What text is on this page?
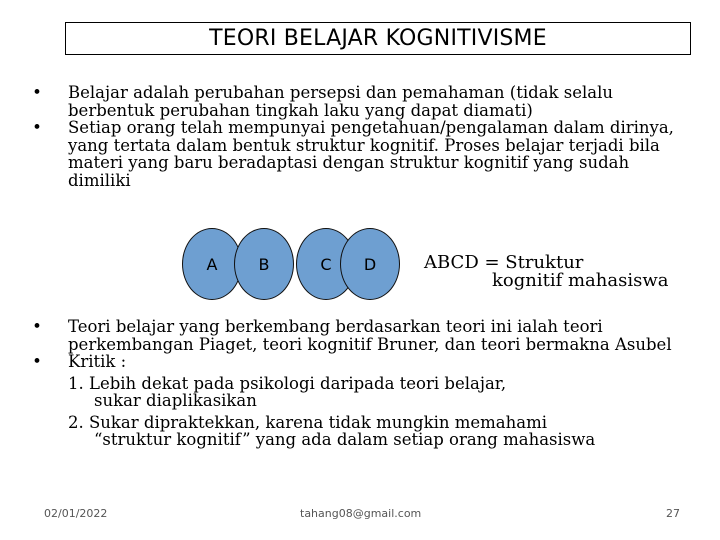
TEORI BELAJAR KOGNITIVISME
• Belajar adalah perubahan persepsi dan pemahaman (tidak selalu berbentuk perubahan tingkah laku yang dapat diamati)
• Setiap orang telah mempunyai pengetahuan/pengalaman dalam dirinya, yang tertata dalam bentuk struktur kognitif. Proses belajar terjadi bila materi yang baru beradaptasi dengan struktur kognitif yang sudah dimiliki
A	B	C D	ABCD = Struktur
kognitif mahasiswa
• Teori belajar yang berkembang berdasarkan teori ini ialah teori perkembangan Piaget, teori kognitif Bruner, dan teori bermakna Asubel
• Kritik :
1. Lebih dekat pada psikologi daripada teori belajar,
sukar diaplikasikan
2. Sukar dipraktekkan, karena tidak mungkin memahami
“struktur kognitif” yang ada dalam setiap orang mahasiswa
02/01/2022	tahang08@gmail.com	27
